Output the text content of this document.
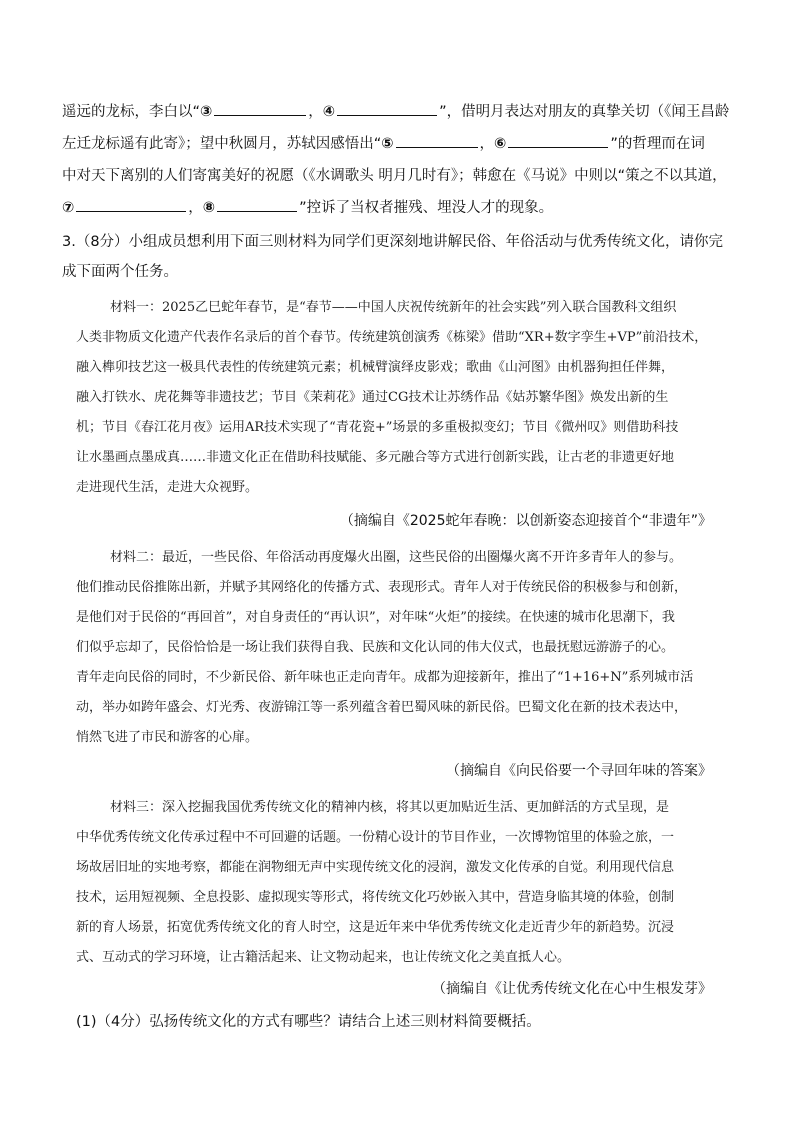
遥远的龙标，李白以“③	，④	”，借明月表达对朋友的真挚关切（《闻王昌龄
左迁龙标遥有此寄》；望中秋圆月，苏轼因感悟出“⑤	，⑥	”的哲理而在词
中对天下离别的人们寄寓美好的祝愿（《水调歌头 明月几时有》；韩愈在《马说》中则以“策之不以其道，
⑦	，⑧	”控诉了当权者摧残、埋没人才的现象。
3.（8分）小组成员想利用下面三则材料为同学们更深刻地讲解民俗、年俗活动与优秀传统文化，请你完
成下面两个任务。
材料一：2025乙巳蛇年春节，是“春节——中国人庆祝传统新年的社会实践”列入联合国教科文组织
人类非物质文化遗产代表作名录后的首个春节。传统建筑创演秀《栋梁》借助“XR+数字孪生+VP”前沿技术，
融入榫卯技艺这一极具代表性的传统建筑元素；机械臂演绎皮影戏；歌曲《山河图》由机器狗担任伴舞，
融入打铁水、虎花舞等非遗技艺；节目《茉莉花》通过CG技术让苏绣作品《姑苏繁华图》焕发出新的生
机；节目《春江花月夜》运用AR技术实现了“青花瓷+”场景的多重极拟变幻；节目《微州叹》则借助科技
让水墨画点墨成真……非遗文化正在借助科技赋能、多元融合等方式进行创新实践，让古老的非遗更好地
走进现代生活，走进大众视野。
（摘编自《2025蛇年春晚：以创新姿态迎接首个“非遗年”》
材料二：最近，一些民俗、年俗活动再度爆火出圈，这些民俗的出圈爆火离不开许多青年人的参与。
他们推动民俗推陈出新，并赋予其网络化的传播方式、表现形式。青年人对于传统民俗的积极参与和创新，
是他们对于民俗的“再回首”，对自身责任的“再认识”，对年味“火炬”的接续。在快速的城市化思潮下，我
们似乎忘却了，民俗恰恰是一场让我们获得自我、民族和文化认同的伟大仪式，也最抚慰远游游子的心。
青年走向民俗的同时，不少新民俗、新年味也正走向青年。成都为迎接新年，推出了“1+16+N”系列城市活
动，举办如跨年盛会、灯光秀、夜游锦江等一系列蕴含着巴蜀风味的新民俗。巴蜀文化在新的技术表达中，
悄然飞进了市民和游客的心扉。
（摘编自《向民俗要一个寻回年味的答案》
材料三：深入挖掘我国优秀传统文化的精神内核，将其以更加贴近生活、更加鲜活的方式呈现，是
中华优秀传统文化传承过程中不可回避的话题。一份精心设计的节目作业，一次博物馆里的体验之旅，一
场故居旧址的实地考察，都能在润物细无声中实现传统文化的浸润，激发文化传承的自觉。利用现代信息
技术，运用短视频、全息投影、虚拟现实等形式，将传统文化巧妙嵌入其中，营造身临其境的体验，创制
新的育人场景，拓宽优秀传统文化的育人时空，这是近年来中华优秀传统文化走近青少年的新趋势。沉浸
式、互动式的学习环境，让古籍活起来、让文物动起来，也让传统文化之美直抵人心。
（摘编自《让优秀传统文化在心中生根发芽》
(1)（4分）弘扬传统文化的方式有哪些？请结合上述三则材料简要概括。
